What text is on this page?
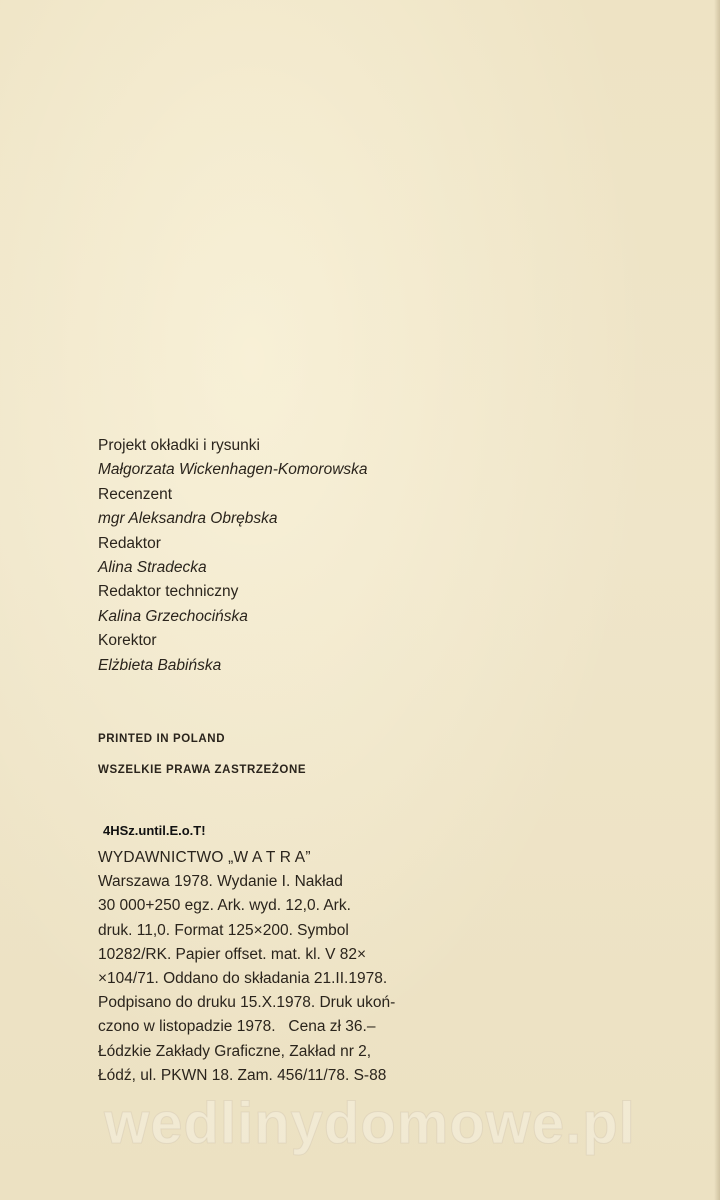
Projekt okładki i rysunki
Małgorzata Wickenhagen-Komorowska
Recenzent
mgr Aleksandra Obrębska
Redaktor
Alina Stradecka
Redaktor techniczny
Kalina Grzechocińska
Korektor
Elżbieta Babińska
PRINTED IN POLAND
WSZELKIE PRAWA ZASTRZEŻONE
4HSz.until.E.o.T!
WYDAWNICTWO „W A T R A”
Warszawa 1978. Wydanie I. Nakład
30 000+250 egz. Ark. wyd. 12,0. Ark.
druk. 11,0. Format 125×200. Symbol
10282/RK. Papier offset. mat. kl. V 82×
×104/71. Oddano do składania 21.II.1978.
Podpisano do druku 15.X.1978. Druk ukoń-
czono w listopadzie 1978.   Cena zł 36.–
Łódzkie Zakłady Graficzne, Zakład nr 2,
Łódź, ul. PKWN 18. Zam. 456/11/78. S-88
wedlinydomowe.pl
